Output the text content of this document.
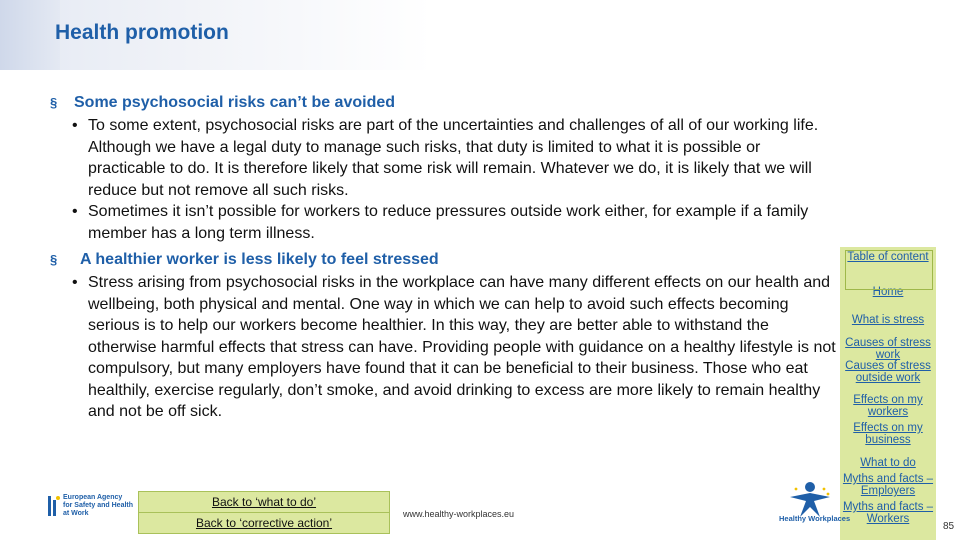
Health promotion
§ Some psychosocial risks can’t be avoided
• To some extent, psychosocial risks are part of the uncertainties and challenges of all of our working life. Although we have a legal duty to manage such risks, that duty is limited to what it is possible or practicable to do. It is therefore likely that some risk will remain. Whatever we do, it is likely that we will reduce but not remove all such risks.
• Sometimes it isn’t possible for workers to reduce pressures outside work either, for example if a family member has a long term illness.
§ A healthier worker is less likely to feel stressed
• Stress arising from psychosocial risks in the workplace can have many different effects on our health and wellbeing, both physical and mental. One way in which we can help to avoid such effects becoming serious is to help our workers become healthier. In this way, they are better able to withstand the otherwise harmful effects that stress can have. Providing people with guidance on a healthy lifestyle is not compulsory, but many employers have found that it can be beneficial to their business. Those who eat healthily, exercise regularly, don’t smoke, and avoid drinking to excess are more likely to remain healthy and not be off sick.
Table of content
Home
What is stress
Causes of stress work
Causes of stress outside work
Effects on my workers
Effects on my business
What to do
Myths and facts – Employers
Myths and facts – Workers
Back to ‘what to do’
Back to ‘corrective action’
European Agency for Safety and Health at Work	www.healthy-workplaces.eu	Healthy Workplaces
85
